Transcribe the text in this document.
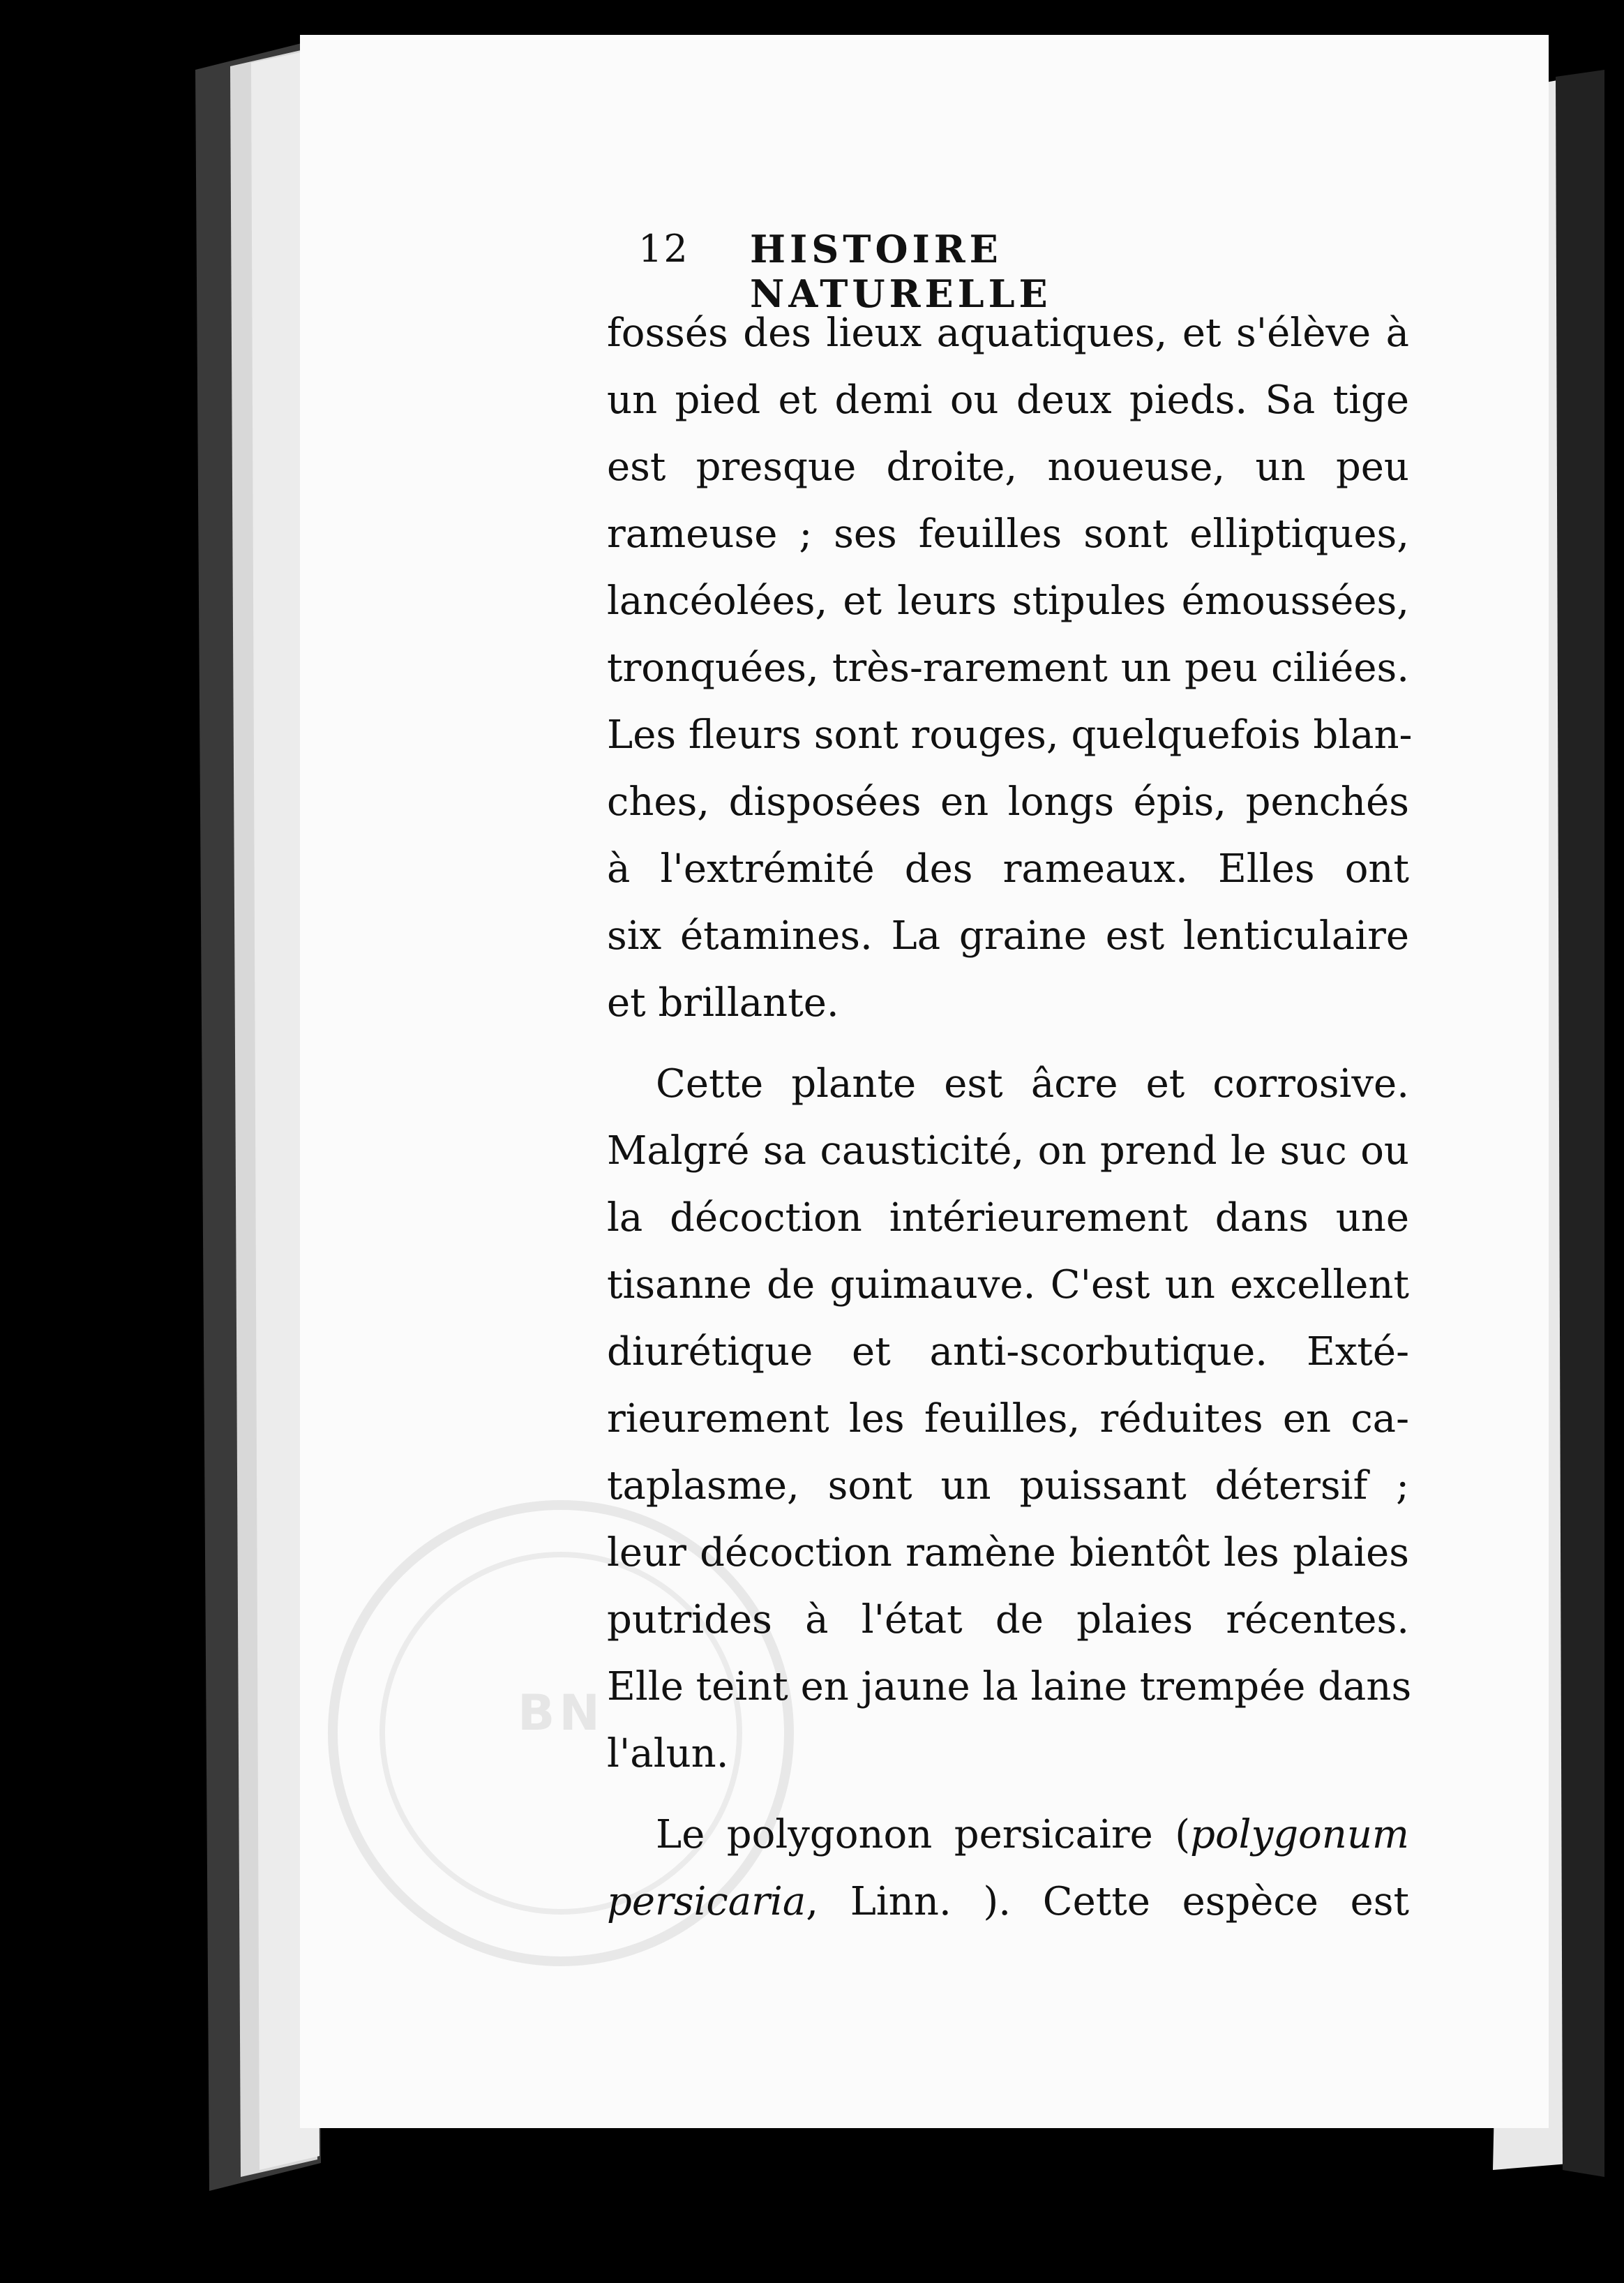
BN
12 HISTOIRE NATURELLE

fossés des lieux aquatiques, et s'élève à
un pied et demi ou deux pieds. Sa tige
est presque droite, noueuse, un peu
rameuse ; ses feuilles sont elliptiques,
lancéolées, et leurs stipules émoussées,
tronquées, très-rarement un peu ciliées.
Les fleurs sont rouges, quelquefois blan-
ches, disposées en longs épis, penchés
à l'extrémité des rameaux. Elles ont
six étamines. La graine est lenticulaire
et brillante.

Cette plante est âcre et corrosive.
Malgré sa causticité, on prend le suc ou
la décoction intérieurement dans une
tisanne de guimauve. C'est un excellent
diurétique et anti-scorbutique. Exté-
rieurement les feuilles, réduites en ca-
taplasme, sont un puissant détersif ;
leur décoction ramène bientôt les plaies
putrides à l'état de plaies récentes.
Elle teint en jaune la laine trempée dans
l'alun.

Le polygonon persicaire (polygonum
persicaria, Linn. ). Cette espèce est
